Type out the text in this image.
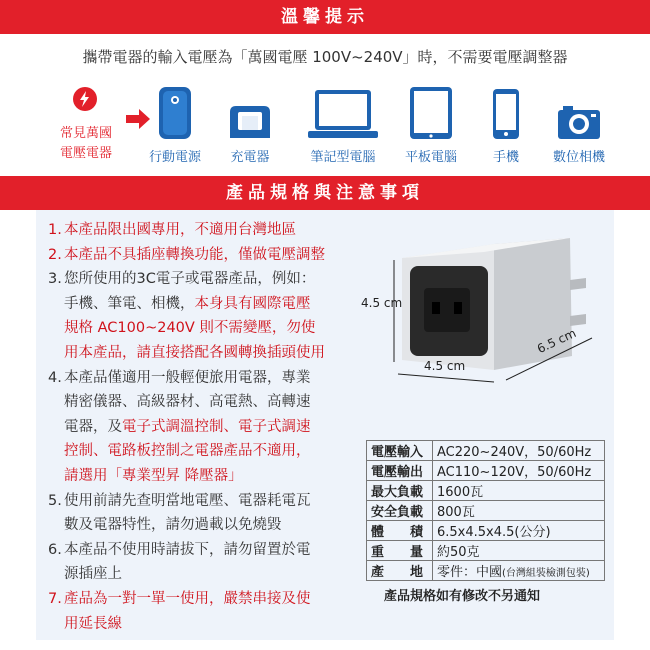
溫馨提示
攜帶電器的輸入電壓為「萬國電壓 100V~240V」時，不需要電壓調整器
常見萬國
電壓電器	行動電源	充電器	筆記型電腦	平板電腦	手機	數位相機
產品規格與注意事項
1. 本產品限出國專用，不適用台灣地區
2. 本產品不具插座轉換功能，僅做電壓調整
3. 您所使用的3C電子或電器產品，例如：
手機、筆電、相機，本身具有國際電壓
規格 AC100~240V 則不需變壓，勿使
用本產品，請直接搭配各國轉換插頭使用
4. 本產品僅適用一般輕便旅用電器，專業
精密儀器、高級器材、高電熱、高轉速
電器，及電子式調溫控制、電子式調速
控制、電路板控制之電器產品不適用，
請選用「專業型昇 降壓器」
5. 使用前請先查明當地電壓、電器耗電瓦
數及電器特性，請勿過載以免燒毀
6. 本產品不使用時請拔下，請勿留置於電
源插座上
7. 產品為一對一單一使用，嚴禁串接及使
用延長線
4.5 cm
4.5 cm
6.5 cm
電壓輸入	AC220~240V，50/60Hz
電壓輸出	AC110~120V，50/60Hz
最大負載	1600瓦
安全負載	800瓦
體　　積	6.5x4.5x4.5(公分)
重　　量	約50克
產　　地	零件：中國(台灣組裝檢測包裝)
產品規格如有修改不另通知
